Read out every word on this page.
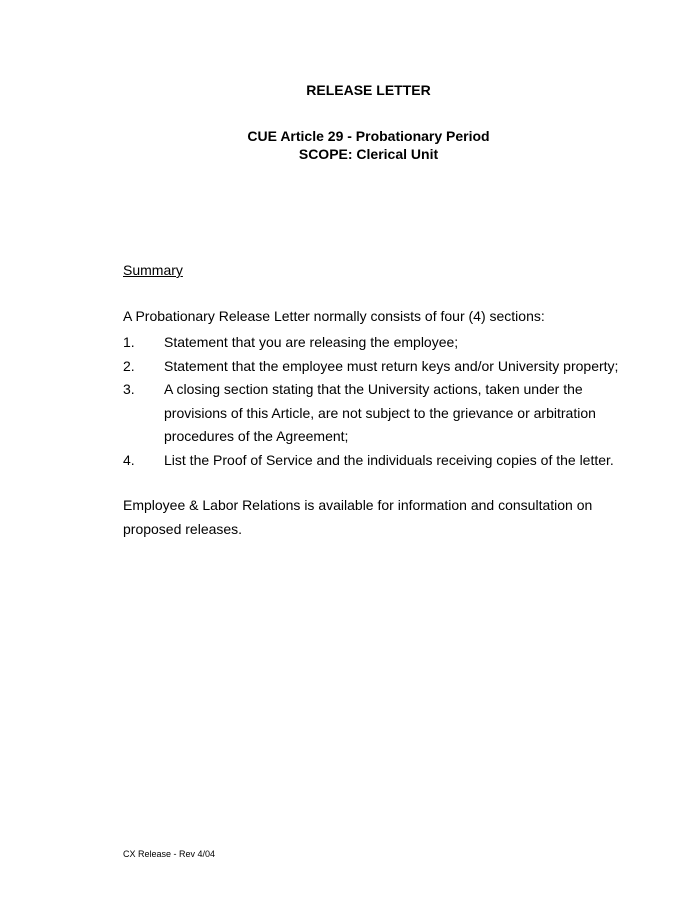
RELEASE LETTER
CUE Article 29 - Probationary Period
SCOPE: Clerical Unit
Summary
A Probationary Release Letter normally consists of four (4) sections:
1. Statement that you are releasing the employee;
2. Statement that the employee must return keys and/or University property;
3. A closing section stating that the University actions, taken under the provisions of this Article, are not subject to the grievance or arbitration procedures of the Agreement;
4. List the Proof of Service and the individuals receiving copies of the letter.
Employee & Labor Relations is available for information and consultation on proposed releases.
CX Release - Rev 4/04
